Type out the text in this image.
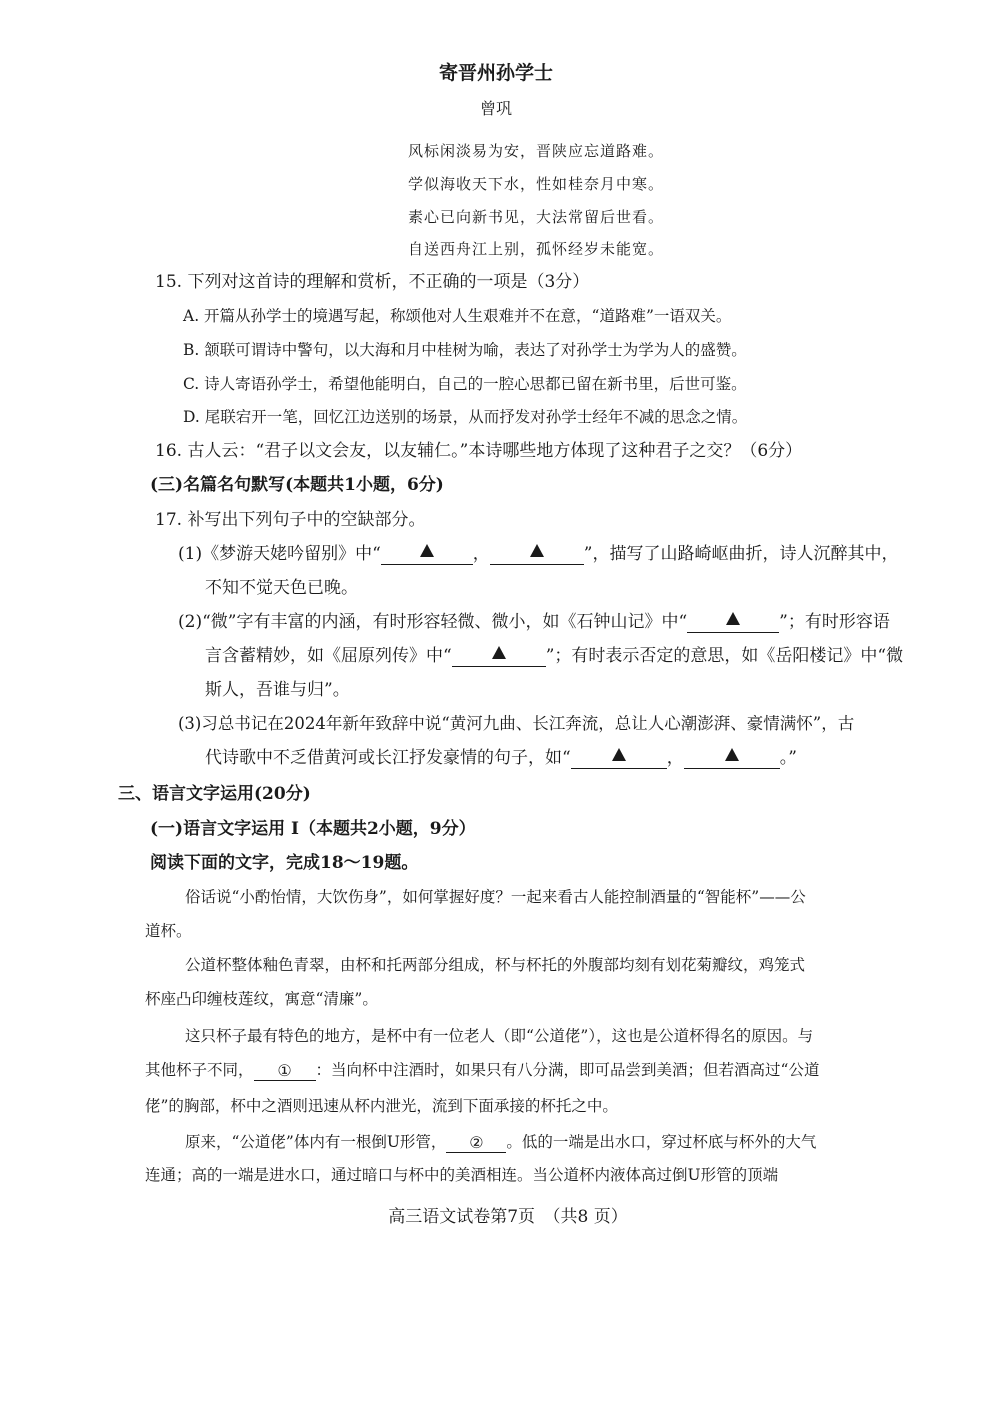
寄晋州孙学士
曾巩
风标闲淡易为安，晋陕应忘道路难。
学似海收天下水，性如桂奈月中寒。
素心已向新书见，大法常留后世看。
自送西舟江上别，孤怀经岁未能宽。
15. 下列对这首诗的理解和赏析，不正确的一项是（3分）
A. 开篇从孙学士的境遇写起，称颂他对人生艰难并不在意，“道路难”一语双关。
B. 颔联可谓诗中警句，以大海和月中桂树为喻，表达了对孙学士为学为人的盛赞。
C. 诗人寄语孙学士，希望他能明白，自己的一腔心思都已留在新书里，后世可鉴。
D. 尾联宕开一笔，回忆江边送别的场景，从而抒发对孙学士经年不减的思念之情。
16. 古人云：“君子以文会友，以友辅仁。”本诗哪些地方体现了这种君子之交？（6分）
(三)名篇名句默写(本题共1小题，6分)
17. 补写出下列句子中的空缺部分。
(1)《梦游天姥吟留别》中“	，	”，描写了山路崎岖曲折，诗人沉醉其中，
不知不觉天色已晚。
(2)“微”字有丰富的内涵，有时形容轻微、微小，如《石钟山记》中“	”；有时形容语
言含蓄精妙，如《屈原列传》中“	”；有时表示否定的意思，如《岳阳楼记》中“微
斯人，吾谁与归”。
(3)习总书记在2024年新年致辞中说“黄河九曲、长江奔流，总让人心潮澎湃、豪情满怀”，古
代诗歌中不乏借黄河或长江抒发豪情的句子，如“	，	。”
三、语言文字运用(20分)
(一)语言文字运用 I（本题共2小题，9分）
阅读下面的文字，完成18～19题。
俗话说“小酌怡情，大饮伤身”，如何掌握好度？一起来看古人能控制酒量的“智能杯”——公
道杯。
公道杯整体釉色青翠，由杯和托两部分组成，杯与杯托的外腹部均刻有划花菊瓣纹，鸡笼式
杯座凸印缠枝莲纹，寓意“清廉”。
这只杯子最有特色的地方，是杯中有一位老人（即“公道佬”），这也是公道杯得名的原因。与
其他杯子不同， ① ：当向杯中注酒时，如果只有八分满，即可品尝到美酒；但若酒高过“公道
佬”的胸部，杯中之酒则迅速从杯内泄光，流到下面承接的杯托之中。
原来，“公道佬”体内有一根倒U形管， ② 。低的一端是出水口，穿过杯底与杯外的大气
连通；高的一端是进水口，通过暗口与杯中的美酒相连。当公道杯内液体高过倒U形管的顶端
高三语文试卷第7页　（共8 页）
